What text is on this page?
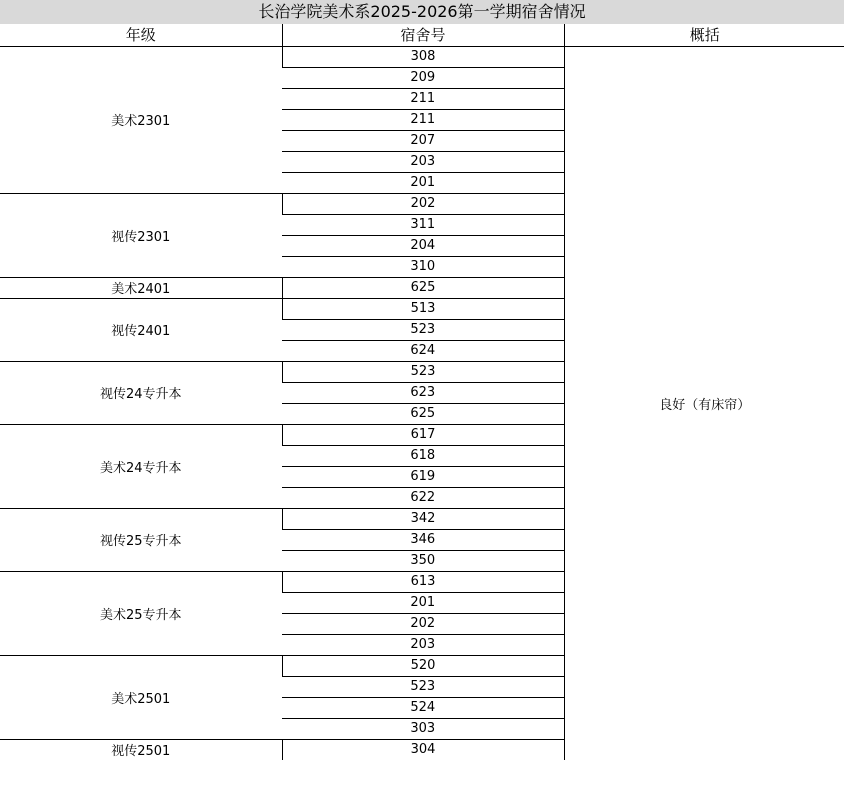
长治学院美术系2025-2026第一学期宿舍情况
年级	宿舍号	概括
美术2301	308	良好（有床帘）
	209	
	211	
	211	
	207	
	203	
	201	
视传2301	202	
	311	
	204	
	310	
美术2401	625	
视传2401	513	
	523	
	624	
视传24专升本	523	
	623	
	625	
美术24专升本	617	
	618	
	619	
	622	
视传25专升本	342	
	346	
	350	
美术25专升本	613	
	201	
	202	
	203	
美术2501	520	
	523	
	524	
	303	
视传2501	304	
